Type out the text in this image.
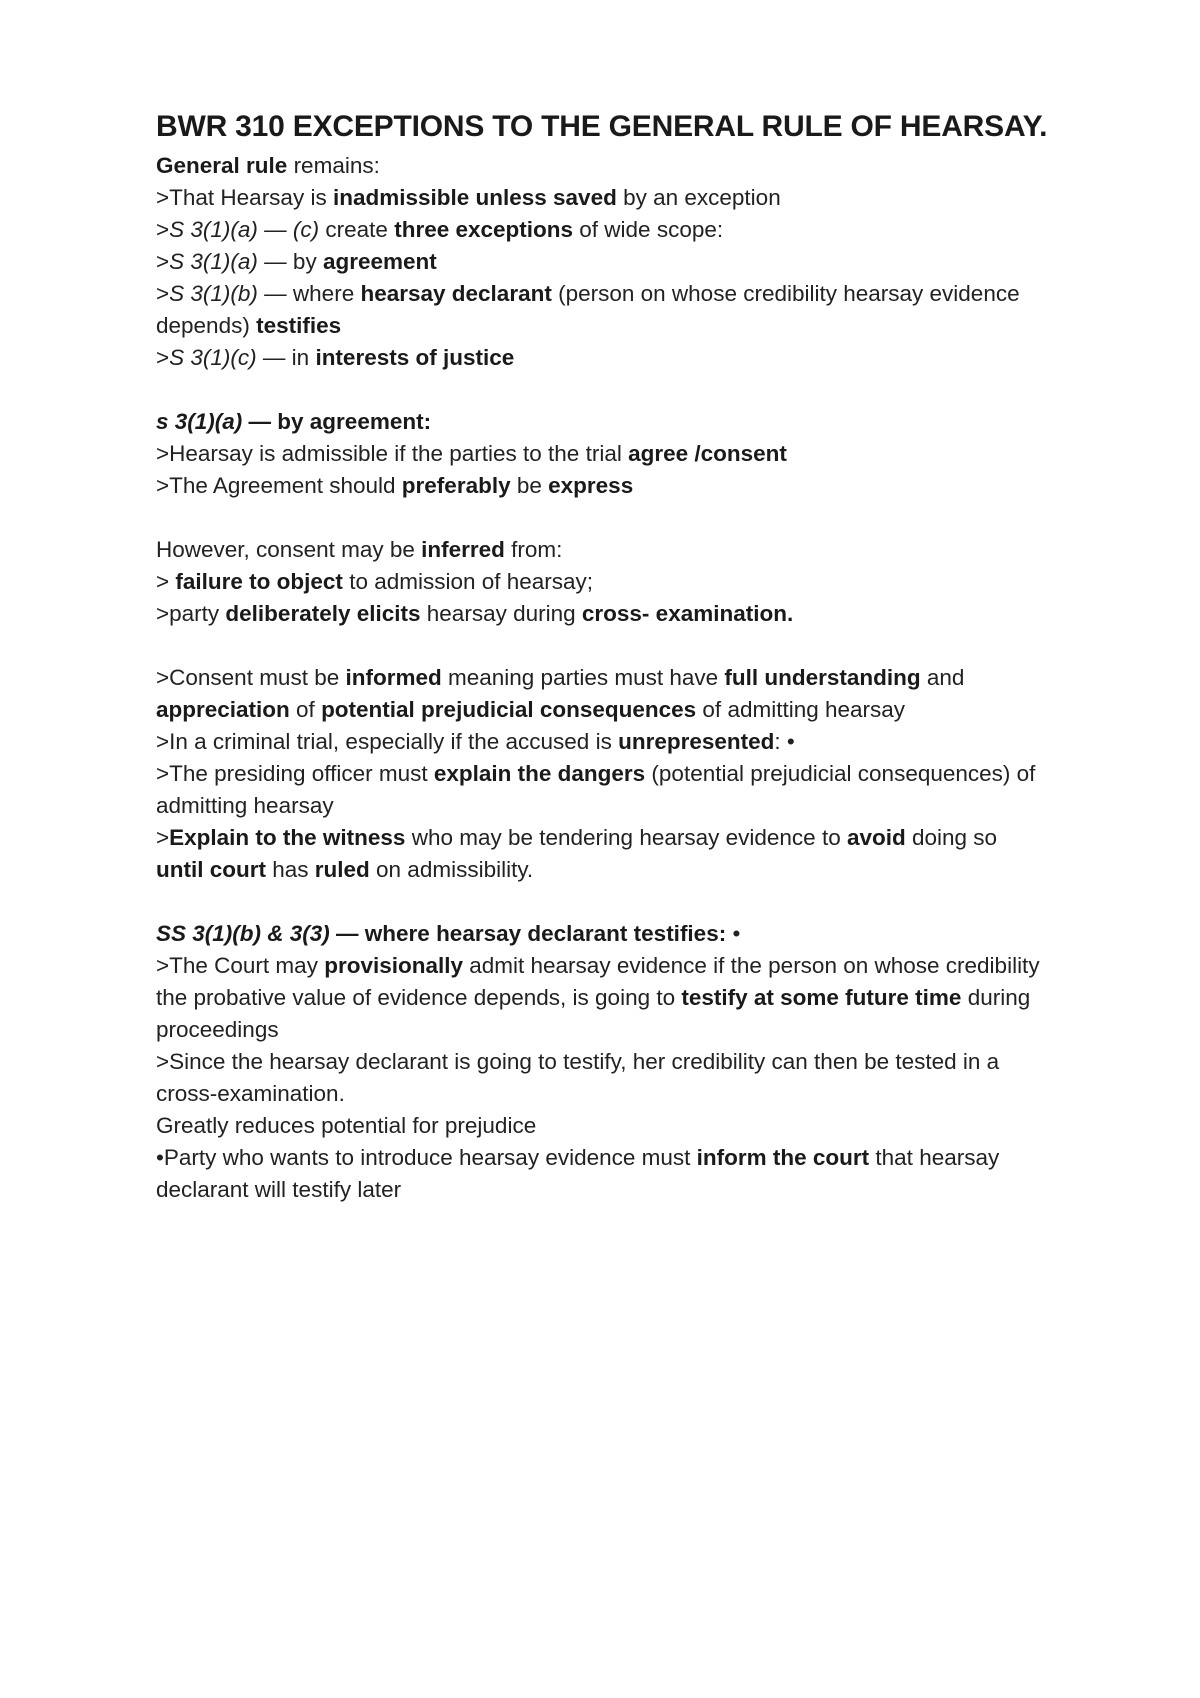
BWR 310 EXCEPTIONS TO THE GENERAL RULE OF HEARSAY.

General rule remains:

>That Hearsay is inadmissible unless saved by an exception

>S 3(1)(a) — (c) create three exceptions of wide scope:

>S 3(1)(a) — by agreement

>S 3(1)(b) — where hearsay declarant (person on whose credibility hearsay evidence depends) testifies

>S 3(1)(c) — in interests of justice

s 3(1)(a) — by agreement:

>Hearsay is admissible if the parties to the trial agree /consent

>The Agreement should preferably be express

However, consent may be inferred from:

> failure to object to admission of hearsay;

>party deliberately elicits hearsay during cross- examination.

>Consent must be informed meaning parties must have full understanding and appreciation of potential prejudicial consequences of admitting hearsay

>In a criminal trial, especially if the accused is unrepresented: •

>The presiding officer must explain the dangers (potential prejudicial consequences) of admitting hearsay

>Explain to the witness who may be tendering hearsay evidence to avoid doing so until court has ruled on admissibility.

SS 3(1)(b) & 3(3) — where hearsay declarant testifies: •

>The Court may provisionally admit hearsay evidence if the person on whose credibility the probative value of evidence depends, is going to testify at some future time during proceedings

>Since the hearsay declarant is going to testify, her credibility can then be tested in a cross-examination.

Greatly reduces potential for prejudice

•Party who wants to introduce hearsay evidence must inform the court that hearsay declarant will testify later
